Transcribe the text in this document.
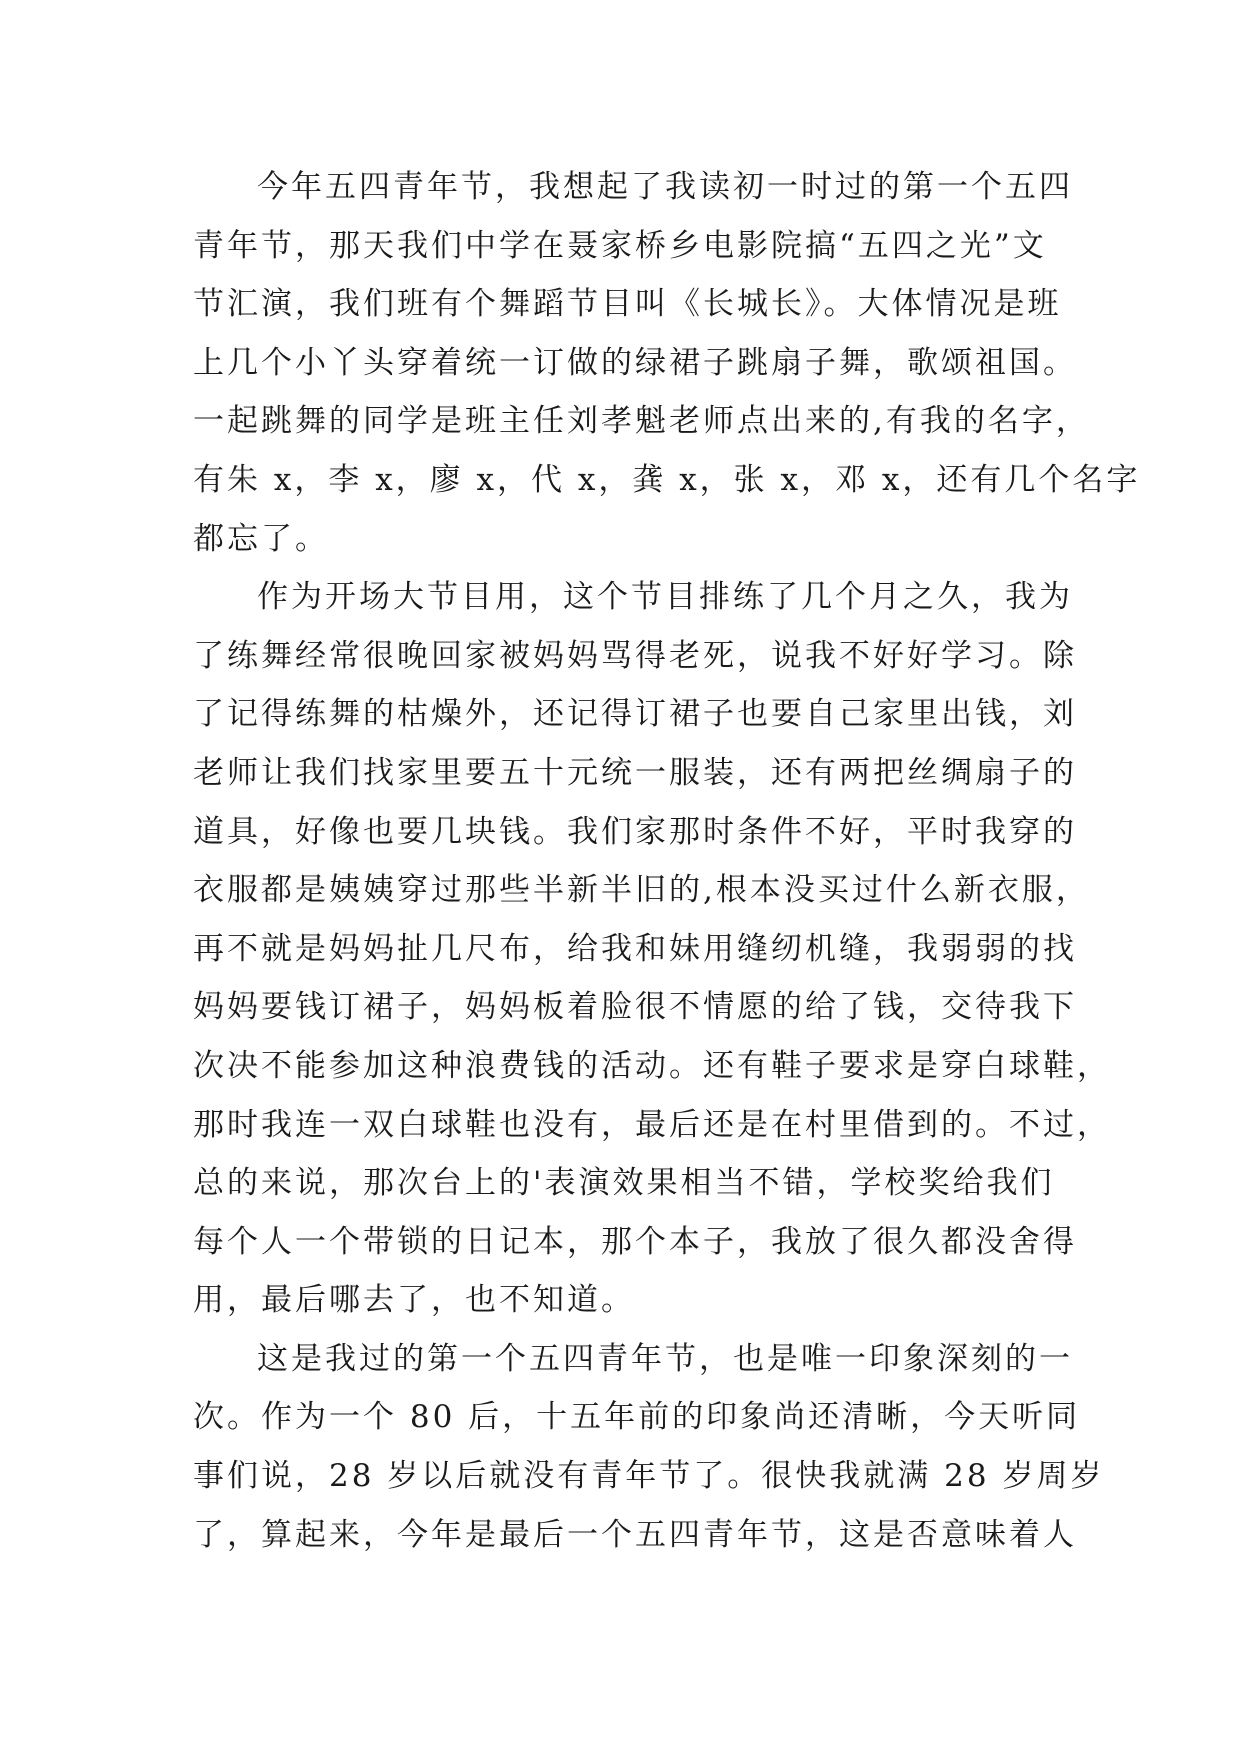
今年五四青年节，我想起了我读初一时过的第一个五四
青年节，那天我们中学在聂家桥乡电影院搞“五四之光”文
节汇演，我们班有个舞蹈节目叫《长城长》。大体情况是班
上几个小丫头穿着统一订做的绿裙子跳扇子舞，歌颂祖国。
一起跳舞的同学是班主任刘孝魁老师点出来的,有我的名字，
有朱 x，李 x，廖 x，代 x，龚 x，张 x，邓 x，还有几个名字
都忘了。
作为开场大节目用，这个节目排练了几个月之久，我为
了练舞经常很晚回家被妈妈骂得老死，说我不好好学习。除
了记得练舞的枯燥外，还记得订裙子也要自己家里出钱，刘
老师让我们找家里要五十元统一服装，还有两把丝绸扇子的
道具，好像也要几块钱。我们家那时条件不好，平时我穿的
衣服都是姨姨穿过那些半新半旧的,根本没买过什么新衣服，
再不就是妈妈扯几尺布，给我和妹用缝纫机缝，我弱弱的找
妈妈要钱订裙子，妈妈板着脸很不情愿的给了钱，交待我下
次决不能参加这种浪费钱的活动。还有鞋子要求是穿白球鞋，
那时我连一双白球鞋也没有，最后还是在村里借到的。不过，
总的来说，那次台上的'表演效果相当不错，学校奖给我们
每个人一个带锁的日记本，那个本子，我放了很久都没舍得
用，最后哪去了，也不知道。
这是我过的第一个五四青年节，也是唯一印象深刻的一
次。作为一个 80 后，十五年前的印象尚还清晰，今天听同
事们说，28 岁以后就没有青年节了。很快我就满 28 岁周岁
了，算起来，今年是最后一个五四青年节，这是否意味着人
